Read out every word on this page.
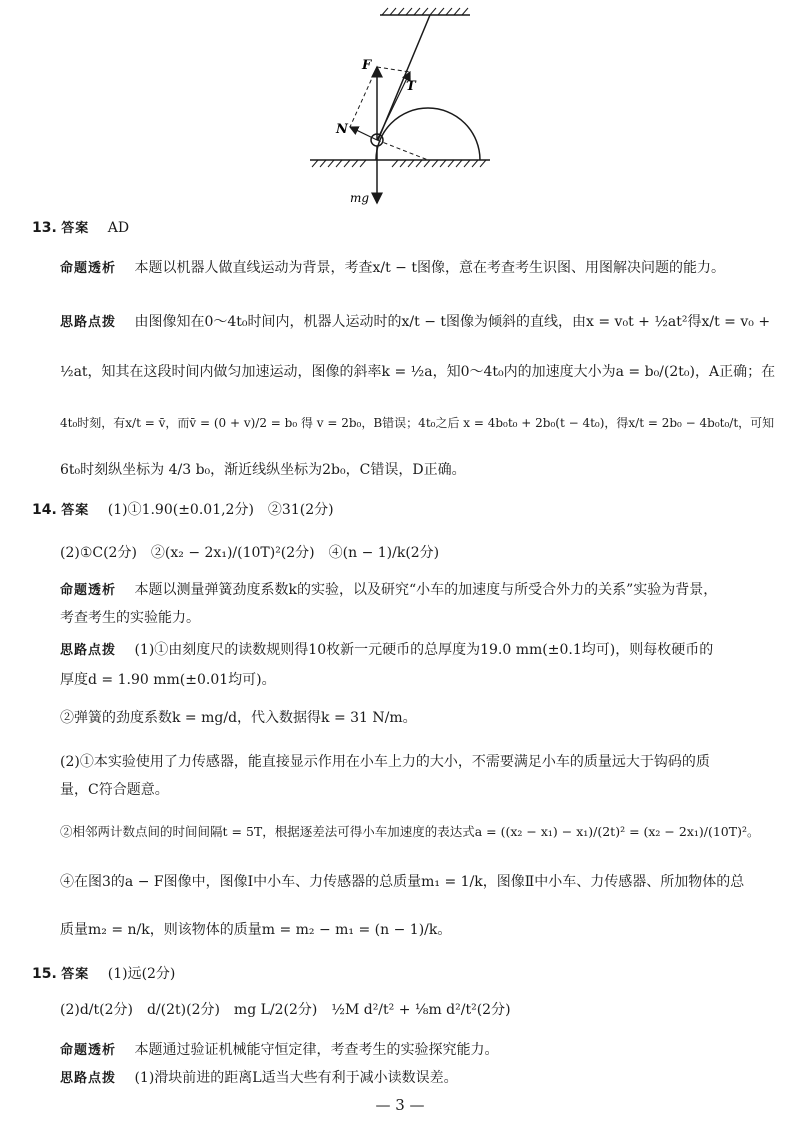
F
T
N
mg
13. 答案 AD
命题透析 本题以机器人做直线运动为背景，考查x/t − t图像，意在考查考生识图、用图解决问题的能力。
思路点拨 由图像知在0～4t₀时间内，机器人运动时的x/t − t图像为倾斜的直线，由x = v₀t + ½at²得x/t = v₀ +
½at，知其在这段时间内做匀加速运动，图像的斜率k = ½a，知0～4t₀内的加速度大小为a = b₀/(2t₀)，A正确；在
4t₀时刻，有x/t = v̄，而v̄ = (0 + v)/2 = b₀ 得 v = 2b₀，B错误；4t₀之后 x = 4b₀t₀ + 2b₀(t − 4t₀)，得x/t = 2b₀ − 4b₀t₀/t，可知
6t₀时刻纵坐标为 4/3 b₀，渐近线纵坐标为2b₀，C错误，D正确。
14. 答案 (1)①1.90(±0.01,2分)　②31(2分)
(2)①C(2分)　②(x₂ − 2x₁)/(10T)²(2分)　④(n − 1)/k(2分)
命题透析 本题以测量弹簧劲度系数k的实验，以及研究“小车的加速度与所受合外力的关系”实验为背景，
考查考生的实验能力。
思路点拨 (1)①由刻度尺的读数规则得10枚新一元硬币的总厚度为19.0 mm(±0.1均可)，则每枚硬币的
厚度d = 1.90 mm(±0.01均可)。
②弹簧的劲度系数k = mg/d，代入数据得k = 31 N/m。
(2)①本实验使用了力传感器，能直接显示作用在小车上力的大小，不需要满足小车的质量远大于钩码的质
量，C符合题意。
②相邻两计数点间的时间间隔t = 5T，根据逐差法可得小车加速度的表达式a = ((x₂ − x₁) − x₁)/(2t)² = (x₂ − 2x₁)/(10T)²。
④在图3的a − F图像中，图像Ⅰ中小车、力传感器的总质量m₁ = 1/k，图像Ⅱ中小车、力传感器、所加物体的总
质量m₂ = n/k，则该物体的质量m = m₂ − m₁ = (n − 1)/k。
15. 答案 (1)远(2分)
(2)d/t(2分)　d/(2t)(2分)　mg L/2(2分)　½M d²/t² + ⅛m d²/t²(2分)
命题透析 本题通过验证机械能守恒定律，考查考生的实验探究能力。
思路点拨 (1)滑块前进的距离L适当大些有利于减小读数误差。
— 3 —
